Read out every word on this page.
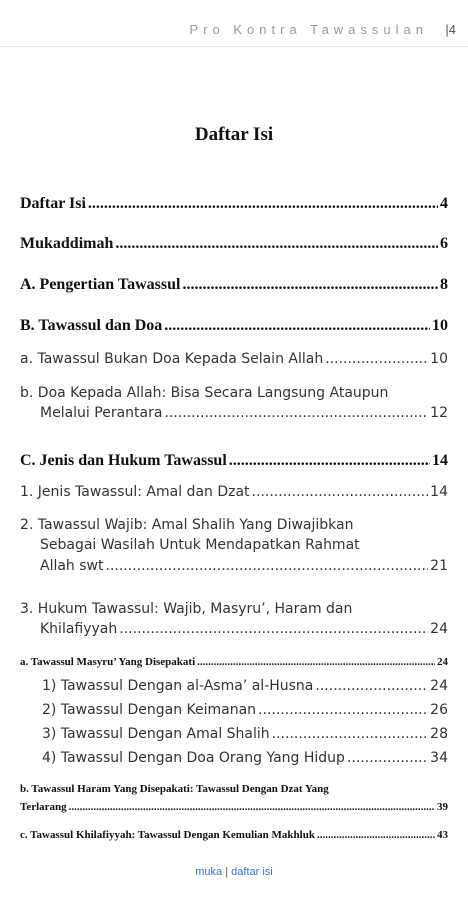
Pro Kontra Tawassulan |4
Daftar Isi
Daftar Isi .....	4
Mukaddimah .....	6
A. Pengertian Tawassul .....	8
B. Tawassul dan Doa .....	10
a. Tawassul Bukan Doa Kepada Selain Allah .....	10
b. Doa Kepada Allah: Bisa Secara Langsung Ataupun
Melalui Perantara .....	12
C. Jenis dan Hukum Tawassul .....	14
1. Jenis Tawassul: Amal dan Dzat .....	14
2. Tawassul Wajib: Amal Shalih Yang Diwajibkan
Sebagai Wasilah Untuk Mendapatkan Rahmat
Allah swt .....	21
3. Hukum Tawassul: Wajib, Masyru’, Haram dan
Khilafiyyah .....	24
a. Tawassul Masyru’ Yang Disepakati .....	24
1) Tawassul Dengan al-Asma’ al-Husna .....	24
2) Tawassul Dengan Keimanan .....	26
3) Tawassul Dengan Amal Shalih .....	28
4) Tawassul Dengan Doa Orang Yang Hidup .....	34
b. Tawassul Haram Yang Disepakati: Tawassul Dengan Dzat Yang
Terlarang .....	39
c. Tawassul Khilafiyyah: Tawassul Dengan Kemulian Makhluk .....	43
muka | daftar isi
